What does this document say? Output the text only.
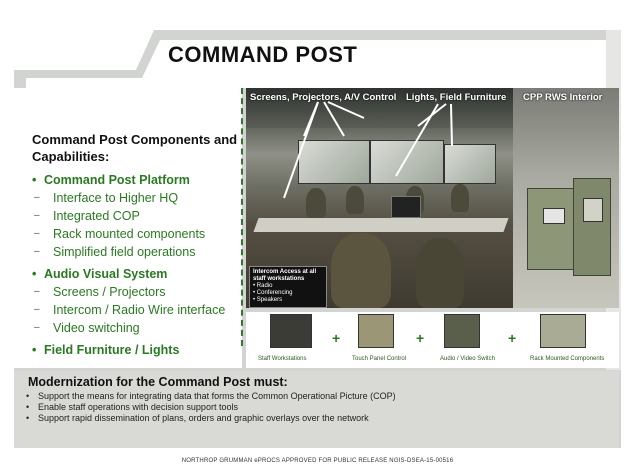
COMMAND POST
Command Post Components and Capabilities:
• Command Post Platform
–	Interface to Higher HQ
–	Integrated COP
–	Rack mounted components
–	Simplified field operations
• Audio Visual System
–	Screens / Projectors
–	Intercom / Radio Wire interface
–	Video switching
• Field Furniture / Lights
Screens, Projectors, A/V Control Lights, Field Furniture
Intercom Access at all staff workstations
• Radio
• Conferencing
• Speakers
CPP RWS Interior
+	+	+
Staff Workstations	Touch Panel Control	Audio / Video Switch	Rack Mounted Components
Modernization for the Command Post must:
• Support the means for integrating data that forms the Common Operational Picture (COP)
• Enable staff operations with decision support tools
• Support rapid dissemination of plans, orders and graphic overlays over the network
NORTHROP GRUMMAN ePROCS APPROVED FOR PUBLIC RELEASE NGIS-DSEA-15-00516
